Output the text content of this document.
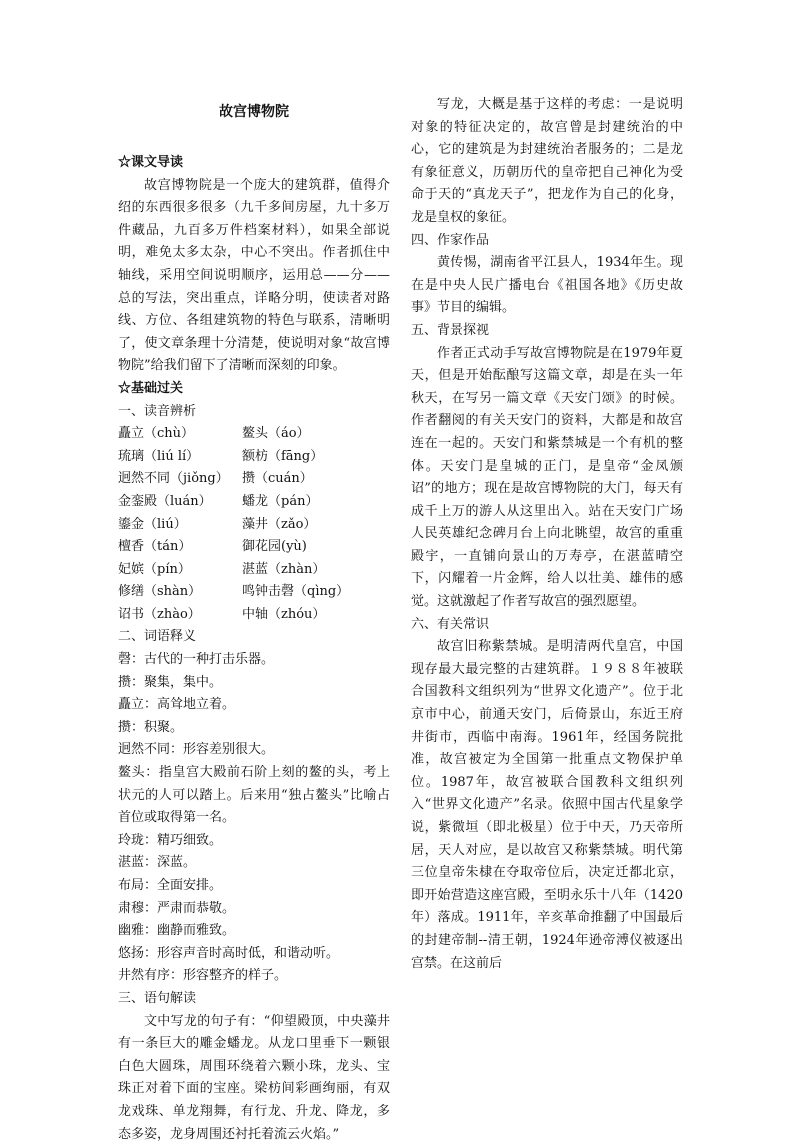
故宫博物院

☆课文导读

故宫博物院是一个庞大的建筑群，值得介绍的东西很多很多（九千多间房屋，九十多万件藏品，九百多万件档案材料），如果全部说明，难免太多太杂，中心不突出。作者抓住中轴线，采用空间说明顺序，运用总——分——总的写法，突出重点，详略分明，使读者对路线、方位、各组建筑物的特色与联系，清晰明了，使文章条理十分清楚，使说明对象“故宫博物院”给我们留下了清晰而深刻的印象。

☆基础过关

一、读音辨析

矗立（chù）	鳌头（áo）
琉璃（liú lí）	额枋（fāng）
迥然不同（jiǒng）	攒（cuán）
金銮殿（luán）	蟠龙（pán）
鎏金（liú）	藻井（zǎo）
檀香（tán）	御花园(yù)
妃嫔（pín）	湛蓝（zhàn）
修缮（shàn）	鸣钟击磬（qìng）
诏书（zhào）	中轴（zhóu）

二、词语释义

磬：古代的一种打击乐器。

攒：聚集，集中。

矗立：高耸地立着。

攒：积聚。

迥然不同：形容差别很大。

鳌头：指皇宫大殿前石阶上刻的鳌的头，考上状元的人可以踏上。后来用“独占鳌头”比喻占首位或取得第一名。

玲珑：精巧细致。

湛蓝：深蓝。

布局：全面安排。

肃穆：严肃而恭敬。

幽雅：幽静而雅致。

悠扬：形容声音时高时低，和谐动听。

井然有序：形容整齐的样子。

三、语句解读

文中写龙的句子有：“仰望殿顶，中央藻井有一条巨大的雕金蟠龙。从龙口里垂下一颗银白色大圆珠，周围环绕着六颗小珠，龙头、宝珠正对着下面的宝座。梁枋间彩画绚丽，有双龙戏珠、单龙翔舞，有行龙、升龙、降龙，多态多姿，龙身周围还衬托着流云火焰。”

写龙，大概是基于这样的考虑：一是说明对象的特征决定的，故宫曾是封建统治的中心，它的建筑是为封建统治者服务的；二是龙有象征意义，历朝历代的皇帝把自己神化为受命于天的“真龙天子”，把龙作为自己的化身，龙是皇权的象征。

四、作家作品

黄传惕，湖南省平江县人，1934年生。现在是中央人民广播电台《祖国各地》《历史故事》节目的编辑。

五、背景探视

作者正式动手写故宫博物院是在1979年夏天，但是开始酝酿写这篇文章，却是在头一年秋天，在写另一篇文章《天安门颂》的时候。作者翻阅的有关天安门的资料，大都是和故宫连在一起的。天安门和紫禁城是一个有机的整体。天安门是皇城的正门，是皇帝“金凤颁诏”的地方；现在是故宫博物院的大门，每天有成千上万的游人从这里出入。站在天安门广场人民英雄纪念碑月台上向北眺望，故宫的重重殿宇，一直铺向景山的万寿亭，在湛蓝晴空下，闪耀着一片金辉，给人以壮美、雄伟的感觉。这就激起了作者写故宫的强烈愿望。

六、有关常识

故宫旧称紫禁城。是明清两代皇宫，中国现存最大最完整的古建筑群。１９８８年被联合国教科文组织列为“世界文化遗产”。位于北京市中心，前通天安门，后倚景山，东近王府井街市，西临中南海。1961年，经国务院批准，故宫被定为全国第一批重点文物保护单位。1987年，故宫被联合国教科文组织列入“世界文化遗产”名录。依照中国古代星象学说，紫微垣（即北极星）位于中天，乃天帝所居，天人对应，是以故宫又称紫禁城。明代第三位皇帝朱棣在夺取帝位后，决定迁都北京，即开始营造这座宫殿，至明永乐十八年（1420年）落成。1911年，辛亥革命推翻了中国最后的封建帝制--清王朝，1924年逊帝溥仪被逐出宫禁。在这前后
